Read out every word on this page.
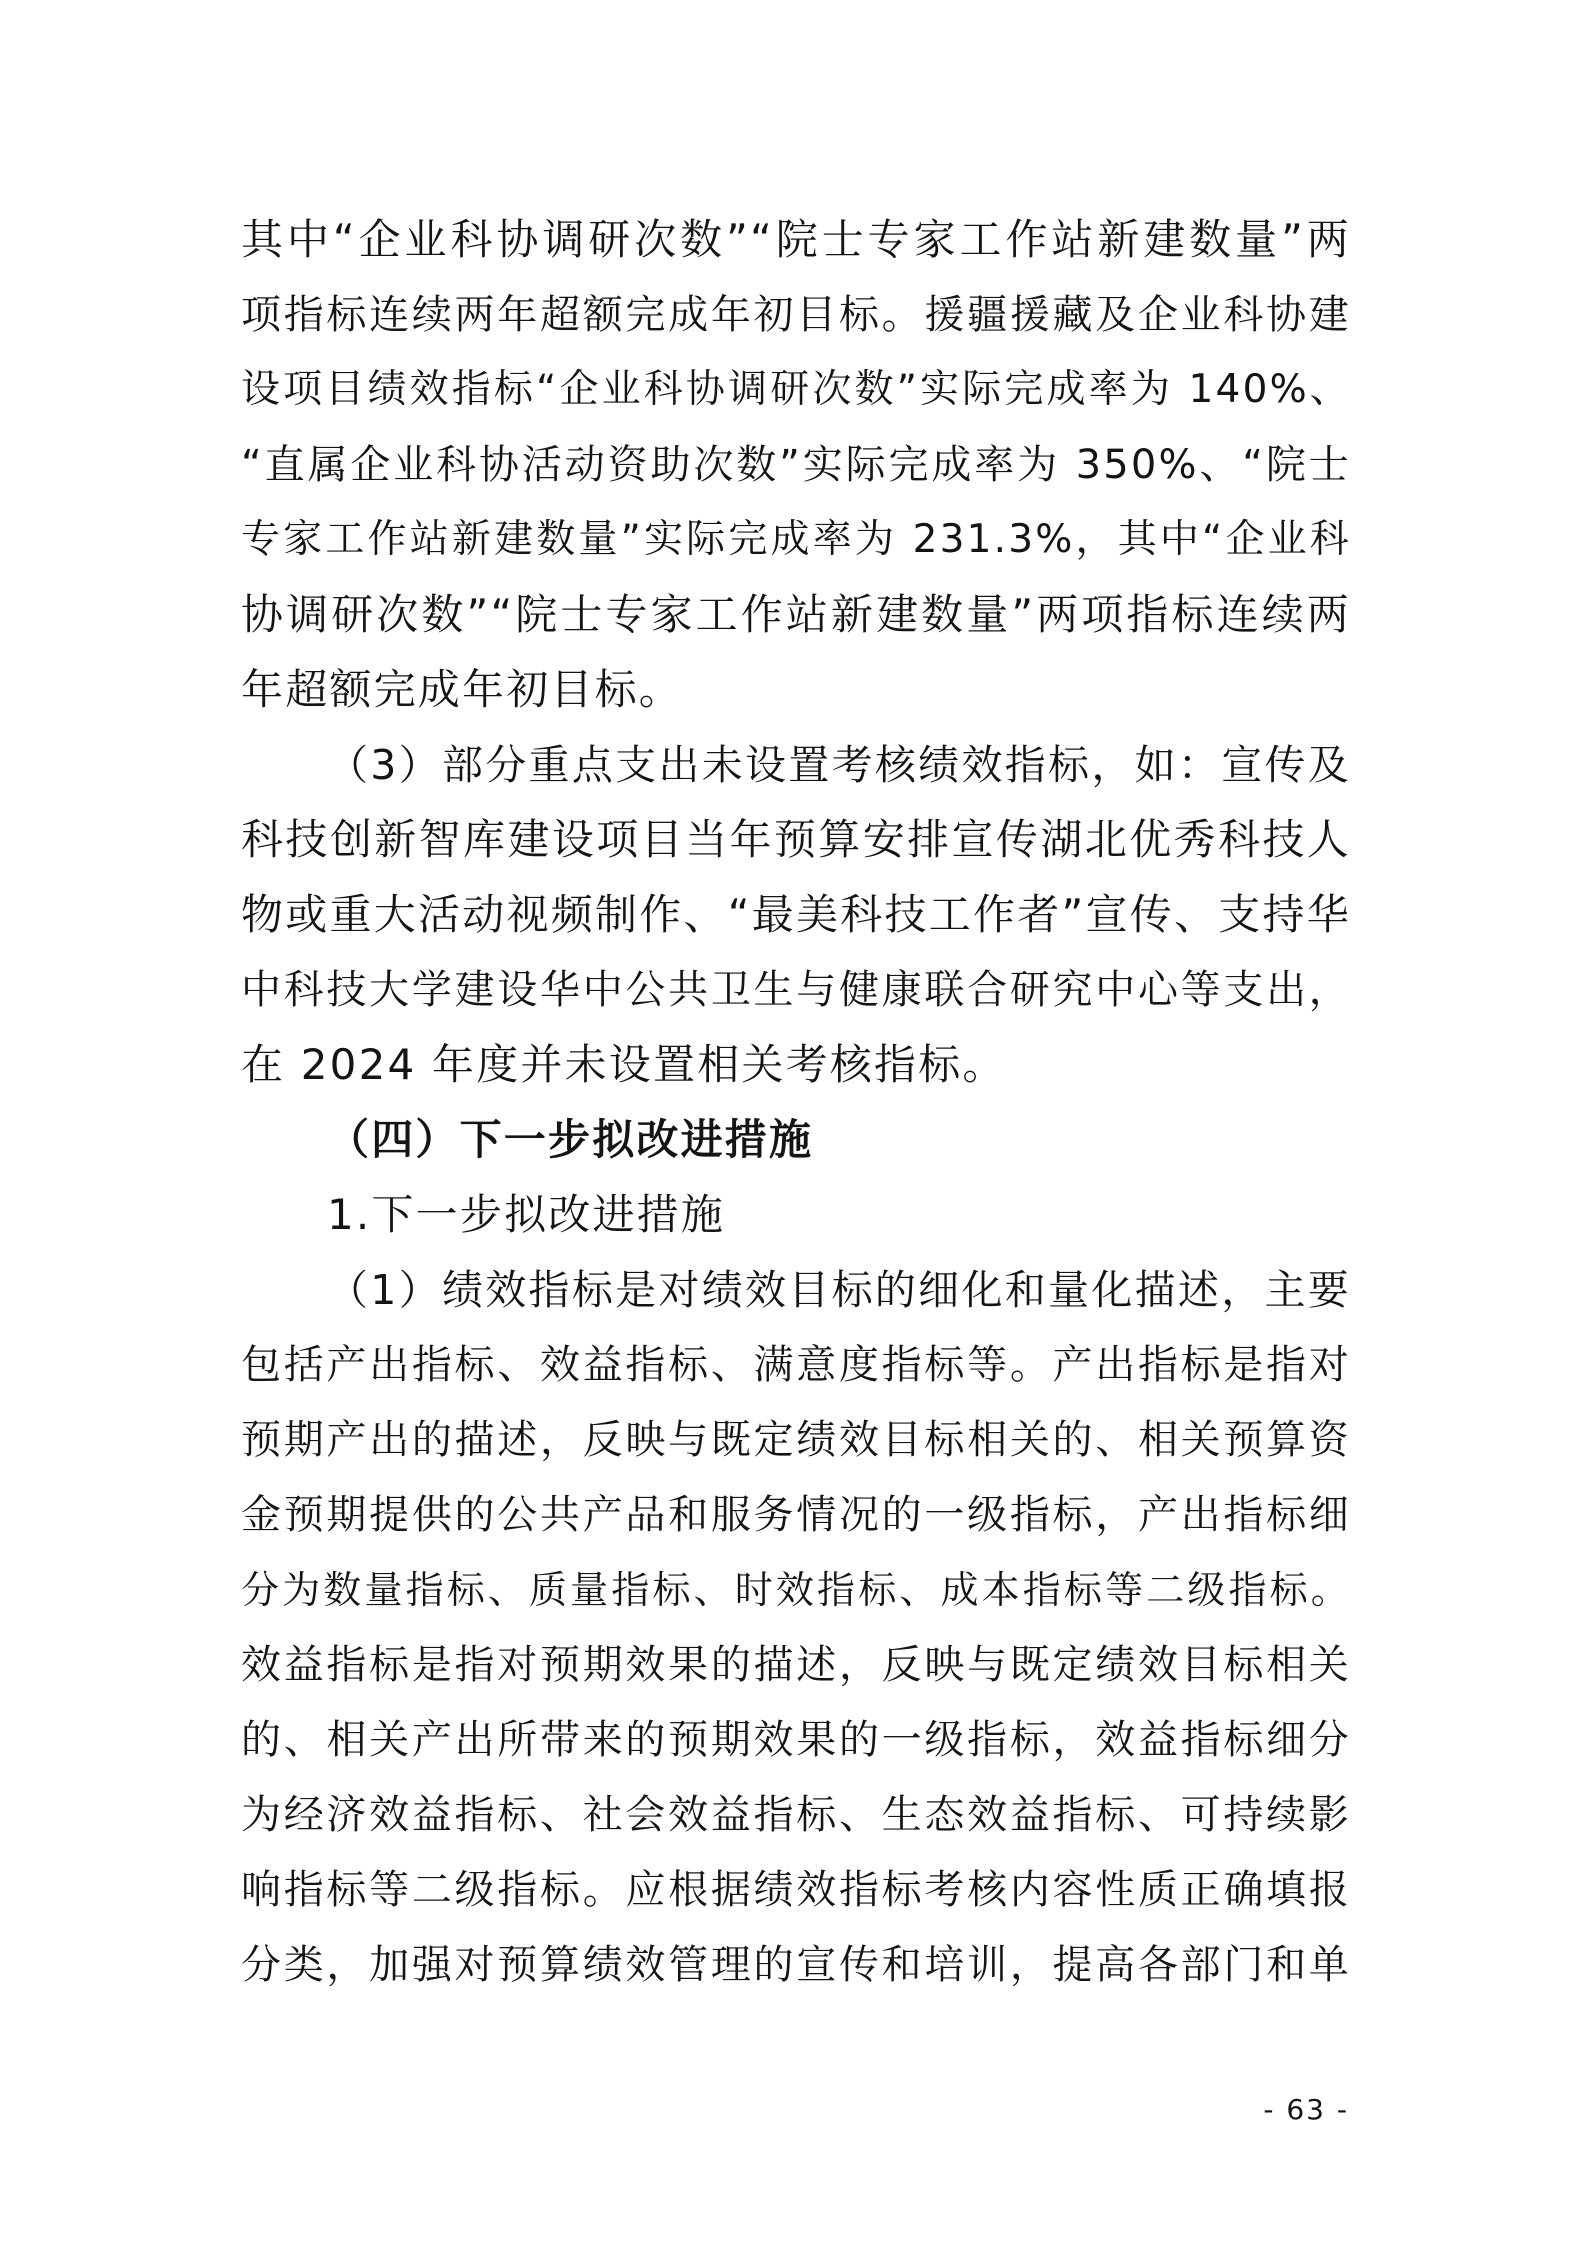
其中“企业科协调研次数”“院士专家工作站新建数量”两
项指标连续两年超额完成年初目标。援疆援藏及企业科协建
设项目绩效指标“企业科协调研次数”实际完成率为 140%、
“直属企业科协活动资助次数”实际完成率为 350%、“院士
专家工作站新建数量”实际完成率为 231.3%，其中“企业科
协调研次数”“院士专家工作站新建数量”两项指标连续两
年超额完成年初目标。
（3）部分重点支出未设置考核绩效指标，如：宣传及
科技创新智库建设项目当年预算安排宣传湖北优秀科技人
物或重大活动视频制作、“最美科技工作者”宣传、支持华
中科技大学建设华中公共卫生与健康联合研究中心等支出，
在 2024 年度并未设置相关考核指标。
（四）下一步拟改进措施
1.下一步拟改进措施
（1）绩效指标是对绩效目标的细化和量化描述，主要
包括产出指标、效益指标、满意度指标等。产出指标是指对
预期产出的描述，反映与既定绩效目标相关的、相关预算资
金预期提供的公共产品和服务情况的一级指标，产出指标细
分为数量指标、质量指标、时效指标、成本指标等二级指标。
效益指标是指对预期效果的描述，反映与既定绩效目标相关
的、相关产出所带来的预期效果的一级指标，效益指标细分
为经济效益指标、社会效益指标、生态效益指标、可持续影
响指标等二级指标。应根据绩效指标考核内容性质正确填报
分类，加强对预算绩效管理的宣传和培训，提高各部门和单
- 63 -
